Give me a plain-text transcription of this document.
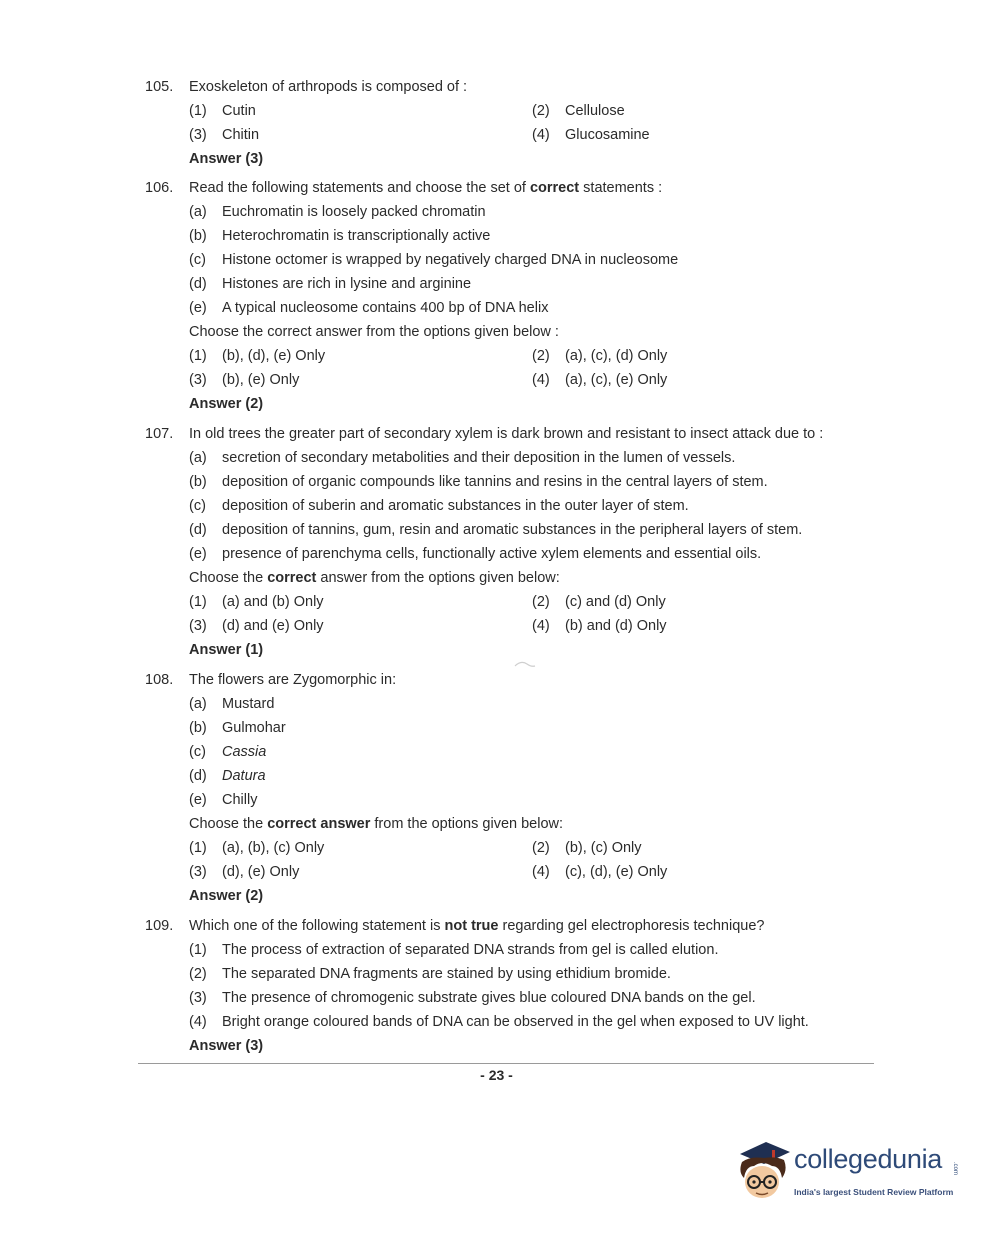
105. Exoskeleton of arthropods is composed of :
(1) Cutin	(2) Cellulose
(3) Chitin	(4) Glucosamine
Answer (3)
106. Read the following statements and choose the set of correct statements :
(a) Euchromatin is loosely packed chromatin
(b) Heterochromatin is transcriptionally active
(c) Histone octomer is wrapped by negatively charged DNA in nucleosome
(d) Histones are rich in lysine and arginine
(e) A typical nucleosome contains 400 bp of DNA helix
Choose the correct answer from the options given below :
(1) (b), (d), (e) Only	(2) (a), (c), (d) Only
(3) (b), (e) Only	(4) (a), (c), (e) Only
Answer (2)
107. In old trees the greater part of secondary xylem is dark brown and resistant to insect attack due to :
(a) secretion of secondary metabolities and their deposition in the lumen of vessels.
(b) deposition of organic compounds like tannins and resins in the central layers of stem.
(c) deposition of suberin and aromatic substances in the outer layer of stem.
(d) deposition of tannins, gum, resin and aromatic substances in the peripheral layers of stem.
(e) presence of parenchyma cells, functionally active xylem elements and essential oils.
Choose the correct answer from the options given below:
(1) (a) and (b) Only	(2) (c) and (d) Only
(3) (d) and (e) Only	(4) (b) and (d) Only
Answer (1)
108. The flowers are Zygomorphic in:
(a) Mustard
(b) Gulmohar
(c) Cassia
(d) Datura
(e) Chilly
Choose the correct answer from the options given below:
(1) (a), (b), (c) Only	(2) (b), (c) Only
(3) (d), (e) Only	(4) (c), (d), (e) Only
Answer (2)
109. Which one of the following statement is not true regarding gel electrophoresis technique?
(1) The process of extraction of separated DNA strands from gel is called elution.
(2) The separated DNA fragments are stained by using ethidium bromide.
(3) The presence of chromogenic substrate gives blue coloured DNA bands on the gel.
(4) Bright orange coloured bands of DNA can be observed in the gel when exposed to UV light.
Answer (3)
- 23 -
collegedunia .com
India's largest Student Review Platform
